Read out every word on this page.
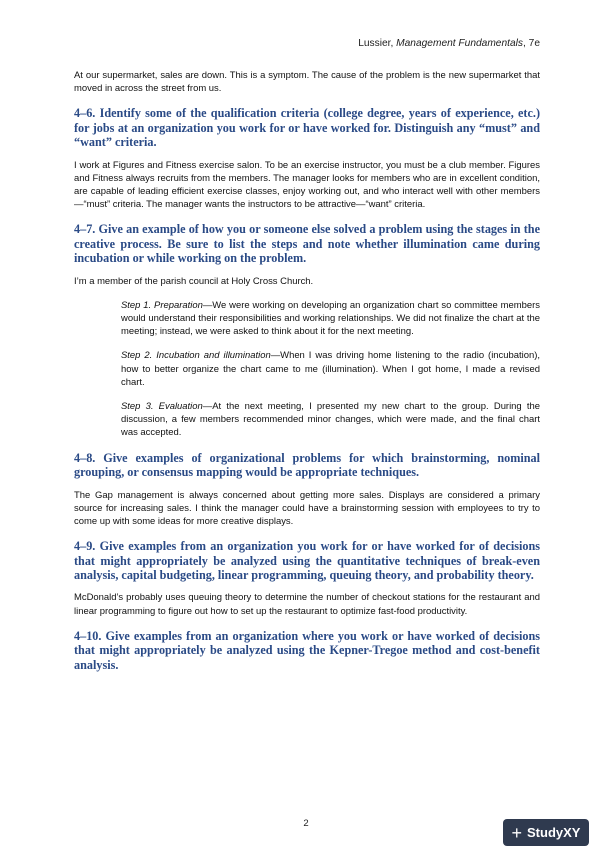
Lussier, Management Fundamentals, 7e

At our supermarket, sales are down. This is a symptom. The cause of the problem is the new supermarket that moved in across the street from us.

4–6. Identify some of the qualification criteria (college degree, years of experience, etc.) for jobs at an organization you work for or have worked for. Distinguish any “must” and “want” criteria.

I work at Figures and Fitness exercise salon. To be an exercise instructor, you must be a club member. Figures and Fitness always recruits from the members. The manager looks for members who are in excellent condition, are capable of leading efficient exercise classes, enjoy working out, and who interact well with other members—“must” criteria. The manager wants the instructors to be attractive—“want” criteria.

4–7. Give an example of how you or someone else solved a problem using the stages in the creative process. Be sure to list the steps and note whether illumination came during incubation or while working on the problem.

I’m a member of the parish council at Holy Cross Church.

Step 1. Preparation—We were working on developing an organization chart so committee members would understand their responsibilities and working relationships. We did not finalize the chart at the meeting; instead, we were asked to think about it for the next meeting.

Step 2. Incubation and illumination—When I was driving home listening to the radio (incubation), how to better organize the chart came to me (illumination). When I got home, I made a revised chart.

Step 3. Evaluation—At the next meeting, I presented my new chart to the group. During the discussion, a few members recommended minor changes, which were made, and the final chart was accepted.

4–8. Give examples of organizational problems for which brainstorming, nominal grouping, or consensus mapping would be appropriate techniques.

The Gap management is always concerned about getting more sales. Displays are considered a primary source for increasing sales. I think the manager could have a brainstorming session with employees to try to come up with some ideas for more creative displays.

4–9. Give examples from an organization you work for or have worked for of decisions that might appropriately be analyzed using the quantitative techniques of break-even analysis, capital budgeting, linear programming, queuing theory, and probability theory.

McDonald’s probably uses queuing theory to determine the number of checkout stations for the restaurant and linear programming to figure out how to set up the restaurant to optimize fast-food productivity.

4–10. Give examples from an organization where you work or have worked of decisions that might appropriately be analyzed using the Kepner-Tregoe method and cost-benefit analysis.

2	+ StudyXY
